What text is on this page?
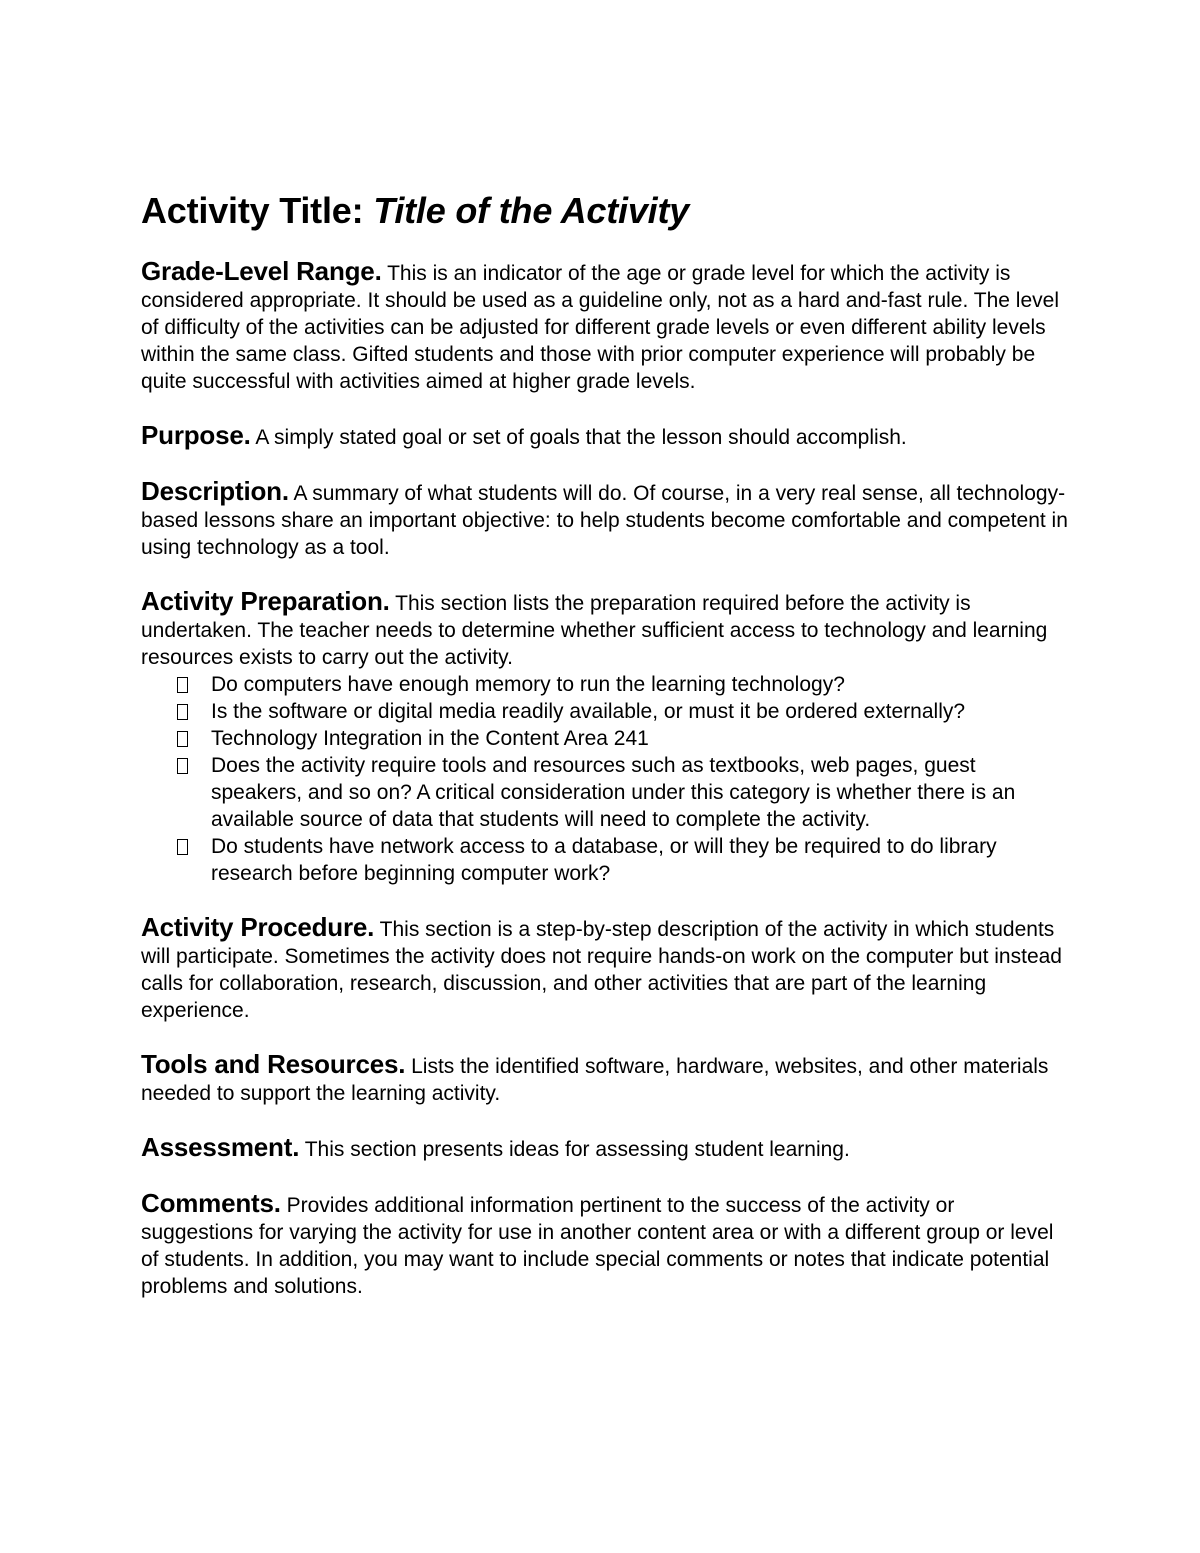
Activity Title: Title of the Activity
Grade-Level Range. This is an indicator of the age or grade level for which the activity is considered appropriate. It should be used as a guideline only, not as a hard and-fast rule. The level of difficulty of the activities can be adjusted for different grade levels or even different ability levels within the same class. Gifted students and those with prior computer experience will probably be quite successful with activities aimed at higher grade levels.
Purpose. A simply stated goal or set of goals that the lesson should accomplish.
Description. A summary of what students will do. Of course, in a very real sense, all technology-based lessons share an important objective: to help students become comfortable and competent in using technology as a tool.
Activity Preparation. This section lists the preparation required before the activity is undertaken. The teacher needs to determine whether sufficient access to technology and learning resources exists to carry out the activity.
Do computers have enough memory to run the learning technology?
Is the software or digital media readily available, or must it be ordered externally?
Technology Integration in the Content Area 241
Does the activity require tools and resources such as textbooks, web pages, guest speakers, and so on? A critical consideration under this category is whether there is an available source of data that students will need to complete the activity.
Do students have network access to a database, or will they be required to do library research before beginning computer work?
Activity Procedure. This section is a step-by-step description of the activity in which students will participate. Sometimes the activity does not require hands-on work on the computer but instead calls for collaboration, research, discussion, and other activities that are part of the learning experience.
Tools and Resources. Lists the identified software, hardware, websites, and other materials needed to support the learning activity.
Assessment. This section presents ideas for assessing student learning.
Comments. Provides additional information pertinent to the success of the activity or suggestions for varying the activity for use in another content area or with a different group or level of students. In addition, you may want to include special comments or notes that indicate potential problems and solutions.
